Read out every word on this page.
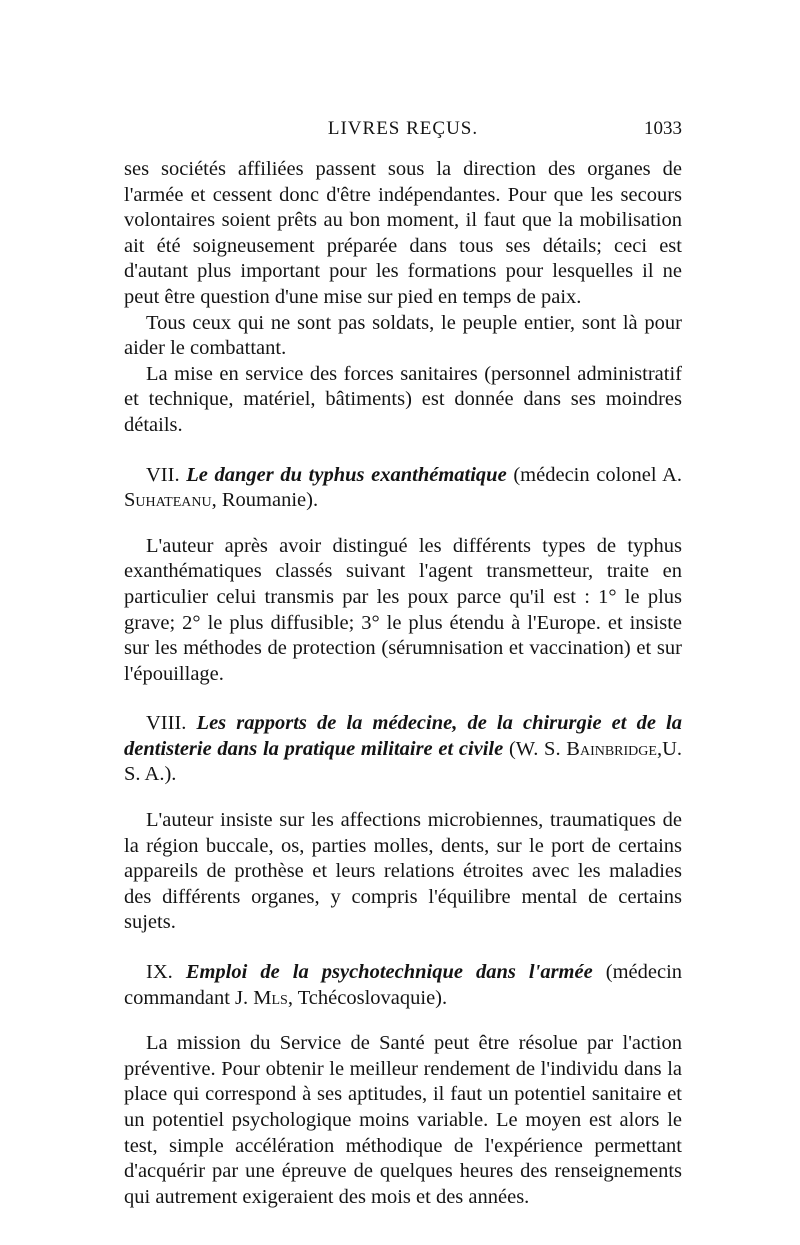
LIVRES REÇUS.	1033

ses sociétés affiliées passent sous la direction des organes de l'armée et cessent donc d'être indépendantes. Pour que les secours volontaires soient prêts au bon moment, il faut que la mobilisation ait été soigneusement préparée dans tous ses détails; ceci est d'autant plus important pour les formations pour lesquelles il ne peut être question d'une mise sur pied en temps de paix.

Tous ceux qui ne sont pas soldats, le peuple entier, sont là pour aider le combattant.

La mise en service des forces sanitaires (personnel administratif et technique, matériel, bâtiments) est donnée dans ses moindres détails.

VII. Le danger du typhus exanthématique (médecin colonel A. Suhateanu, Roumanie).

L'auteur après avoir distingué les différents types de typhus exanthématiques classés suivant l'agent transmetteur, traite en particulier celui transmis par les poux parce qu'il est : 1° le plus grave; 2° le plus diffusible; 3° le plus étendu à l'Europe. et insiste sur les méthodes de protection (sérumnisation et vaccination) et sur l'épouillage.

VIII. Les rapports de la médecine, de la chirurgie et de la dentisterie dans la pratique militaire et civile (W. S. Bainbridge,U. S. A.).

L'auteur insiste sur les affections microbiennes, traumatiques de la région buccale, os, parties molles, dents, sur le port de certains appareils de prothèse et leurs relations étroites avec les maladies des différents organes, y compris l'équilibre mental de certains sujets.

IX. Emploi de la psychotechnique dans l'armée (médecin commandant J. Mls, Tchécoslovaquie).

La mission du Service de Santé peut être résolue par l'action préventive. Pour obtenir le meilleur rendement de l'individu dans la place qui correspond à ses aptitudes, il faut un potentiel sanitaire et un potentiel psychologique moins variable. Le moyen est alors le test, simple accélération méthodique de l'expérience permettant d'acquérir par une épreuve de quelques heures des renseignements qui autrement exigeraient des mois et des années.
